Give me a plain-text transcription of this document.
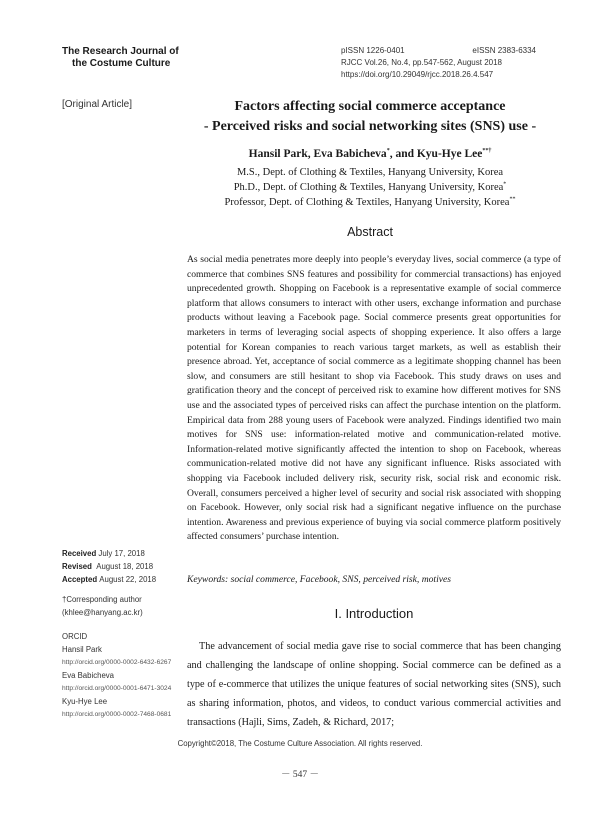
The Research Journal of
the Costume Culture
pISSN 1226-0401	eISSN 2383-6334
RJCC Vol.26, No.4, pp.547-562, August 2018
https://doi.org/10.29049/rjcc.2018.26.4.547
[Original Article]	Factors affecting social commerce acceptance
- Perceived risks and social networking sites (SNS) use -
Hansil Park, Eva Babicheva*, and Kyu-Hye Lee**†
M.S., Dept. of Clothing & Textiles, Hanyang University, Korea
Ph.D., Dept. of Clothing & Textiles, Hanyang University, Korea*
Professor, Dept. of Clothing & Textiles, Hanyang University, Korea**
Abstract
As social media penetrates more deeply into people’s everyday lives, social commerce (a type of commerce that combines SNS features and possibility for commercial transactions) has enjoyed unprecedented growth. Shopping on Facebook is a representative example of social commerce platform that allows consumers to interact with other users, exchange information and purchase products without leaving a Facebook page. Social commerce presents great opportunities for marketers in terms of leveraging social aspects of shopping experience. It also offers a large potential for Korean companies to reach various target markets, as well as establish their presence abroad. Yet, acceptance of social commerce as a legitimate shopping channel has been slow, and consumers are still hesitant to shop via Facebook. This study draws on uses and gratification theory and the concept of perceived risk to examine how different motives for SNS use and the associated types of perceived risks can affect the purchase intention on the platform. Empirical data from 288 young users of Facebook were analyzed. Findings identified two main motives for SNS use: information-related motive and communication-related motive. Information-related motive significantly affected the intention to shop on Facebook, whereas communication-related motive did not have any significant influence. Risks associated with shopping via Facebook included delivery risk, security risk, social risk and economic risk. Overall, consumers perceived a higher level of security and social risk associated with shopping on Facebook. However, only social risk had a significant negative influence on the purchase intention. Awareness and previous experience of buying via social commerce platform positively affected consumers’ purchase intention.
Keywords: social commerce, Facebook, SNS, perceived risk, motives
Received July 17, 2018
Revised August 18, 2018
Accepted August 22, 2018
†Corresponding author
(khlee@hanyang.ac.kr)
ORCID
Hansil Park
http://orcid.org/0000-0002-6432-6267
Eva Babicheva
http://orcid.org/0000-0001-6471-3024
Kyu-Hye Lee
http://orcid.org/0000-0002-7468-0681
I. Introduction
The advancement of social media gave rise to social commerce that has been changing and challenging the landscape of online shopping. Social commerce can be defined as a type of e-commerce that utilizes the unique features of social networking sites (SNS), such as sharing information, photos, and videos, to conduct various commercial activities and transactions (Hajli, Sims, Zadeh, & Richard, 2017;
Copyright©2018, The Costume Culture Association. All rights reserved.
－ 547 －
